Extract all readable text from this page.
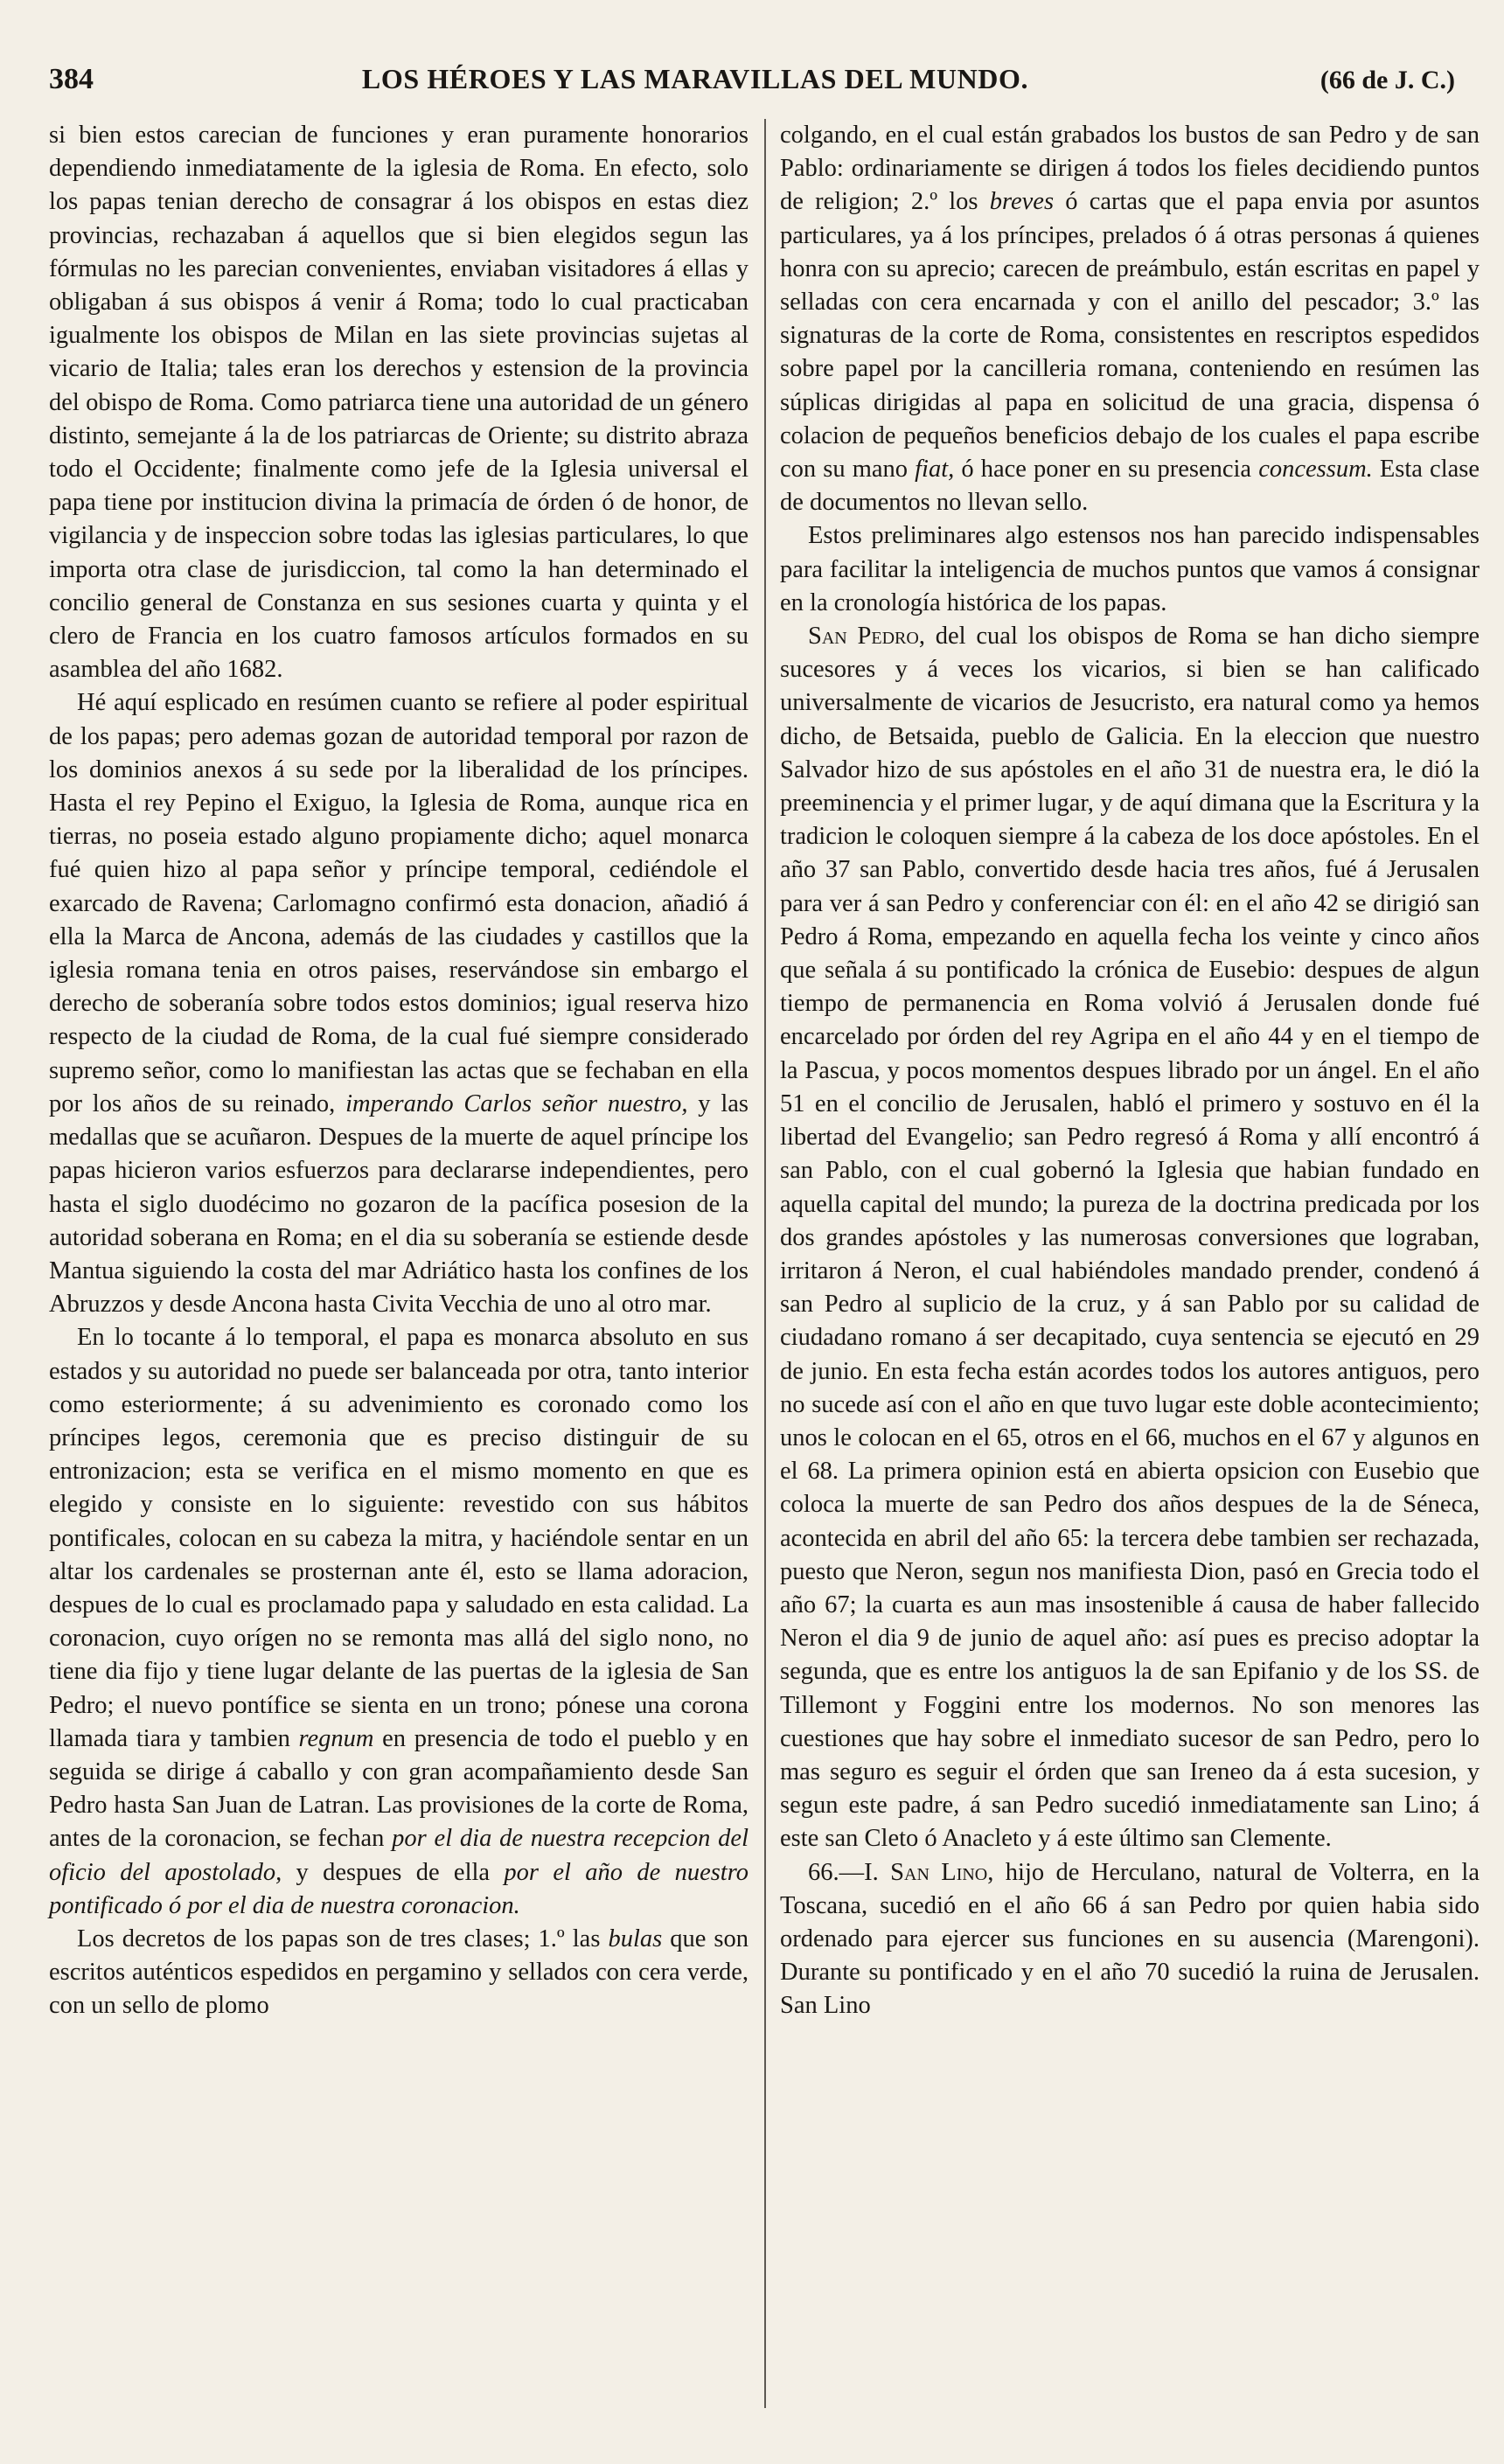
384	LOS HÉROES Y LAS MARAVILLAS DEL MUNDO.	(66 de J. C.)

si bien estos carecian de funciones y eran puramente honorarios dependiendo inmediatamente de la iglesia de Roma. En efecto, solo los papas tenian derecho de consagrar á los obispos en estas diez provincias, rechazaban á aquellos que si bien elegidos segun las fórmulas no les parecian convenientes, enviaban visitadores á ellas y obligaban á sus obispos á venir á Roma; todo lo cual practicaban igualmente los obispos de Milan en las siete provincias sujetas al vicario de Italia; tales eran los derechos y estension de la provincia del obispo de Roma. Como patriarca tiene una autoridad de un género distinto, semejante á la de los patriarcas de Oriente; su distrito abraza todo el Occidente; finalmente como jefe de la Iglesia universal el papa tiene por institucion divina la primacía de órden ó de honor, de vigilancia y de inspeccion sobre todas las iglesias particulares, lo que importa otra clase de jurisdiccion, tal como la han determinado el concilio general de Constanza en sus sesiones cuarta y quinta y el clero de Francia en los cuatro famosos artículos formados en su asamblea del año 1682.

Hé aquí esplicado en resúmen cuanto se refiere al poder espiritual de los papas; pero ademas gozan de autoridad temporal por razon de los dominios anexos á su sede por la liberalidad de los príncipes. Hasta el rey Pepino el Exiguo, la Iglesia de Roma, aunque rica en tierras, no poseia estado alguno propiamente dicho; aquel monarca fué quien hizo al papa señor y príncipe temporal, cediéndole el exarcado de Ravena; Carlomagno confirmó esta donacion, añadió á ella la Marca de Ancona, además de las ciudades y castillos que la iglesia romana tenia en otros paises, reservándose sin embargo el derecho de soberanía sobre todos estos dominios; igual reserva hizo respecto de la ciudad de Roma, de la cual fué siempre considerado supremo señor, como lo manifiestan las actas que se fechaban en ella por los años de su reinado, imperando Carlos señor nuestro, y las medallas que se acuñaron. Despues de la muerte de aquel príncipe los papas hicieron varios esfuerzos para declararse independientes, pero hasta el siglo duodécimo no gozaron de la pacífica posesion de la autoridad soberana en Roma; en el dia su soberanía se estiende desde Mantua siguiendo la costa del mar Adriático hasta los confines de los Abruzzos y desde Ancona hasta Civita Vecchia de uno al otro mar.

En lo tocante á lo temporal, el papa es monarca absoluto en sus estados y su autoridad no puede ser balanceada por otra, tanto interior como esteriormente; á su advenimiento es coronado como los príncipes legos, ceremonia que es preciso distinguir de su entronizacion; esta se verifica en el mismo momento en que es elegido y consiste en lo siguiente: revestido con sus hábitos pontificales, colocan en su cabeza la mitra, y haciéndole sentar en un altar los cardenales se prosternan ante él, esto se llama adoracion, despues de lo cual es proclamado papa y saludado en esta calidad. La coronacion, cuyo orígen no se remonta mas allá del siglo nono, no tiene dia fijo y tiene lugar delante de las puertas de la iglesia de San Pedro; el nuevo pontífice se sienta en un trono; pónese una corona llamada tiara y tambien regnum en presencia de todo el pueblo y en seguida se dirige á caballo y con gran acompañamiento desde San Pedro hasta San Juan de Latran. Las provisiones de la corte de Roma, antes de la coronacion, se fechan por el dia de nuestra recepcion del oficio del apostolado, y despues de ella por el año de nuestro pontificado ó por el dia de nuestra coronacion.

Los decretos de los papas son de tres clases; 1.º las bulas que son escritos auténticos espedidos en pergamino y sellados con cera verde, con un sello de plomo

colgando, en el cual están grabados los bustos de san Pedro y de san Pablo: ordinariamente se dirigen á todos los fieles decidiendo puntos de religion; 2.º los breves ó cartas que el papa envia por asuntos particulares, ya á los príncipes, prelados ó á otras personas á quienes honra con su aprecio; carecen de preámbulo, están escritas en papel y selladas con cera encarnada y con el anillo del pescador; 3.º las signaturas de la corte de Roma, consistentes en rescriptos espedidos sobre papel por la cancilleria romana, conteniendo en resúmen las súplicas dirigidas al papa en solicitud de una gracia, dispensa ó colacion de pequeños beneficios debajo de los cuales el papa escribe con su mano fiat, ó hace poner en su presencia concessum. Esta clase de documentos no llevan sello.

Estos preliminares algo estensos nos han parecido indispensables para facilitar la inteligencia de muchos puntos que vamos á consignar en la cronología histórica de los papas.

San Pedro, del cual los obispos de Roma se han dicho siempre sucesores y á veces los vicarios, si bien se han calificado universalmente de vicarios de Jesucristo, era natural como ya hemos dicho, de Betsaida, pueblo de Galicia. En la eleccion que nuestro Salvador hizo de sus apóstoles en el año 31 de nuestra era, le dió la preeminencia y el primer lugar, y de aquí dimana que la Escritura y la tradicion le coloquen siempre á la cabeza de los doce apóstoles. En el año 37 san Pablo, convertido desde hacia tres años, fué á Jerusalen para ver á san Pedro y conferenciar con él: en el año 42 se dirigió san Pedro á Roma, empezando en aquella fecha los veinte y cinco años que señala á su pontificado la crónica de Eusebio: despues de algun tiempo de permanencia en Roma volvió á Jerusalen donde fué encarcelado por órden del rey Agripa en el año 44 y en el tiempo de la Pascua, y pocos momentos despues librado por un ángel. En el año 51 en el concilio de Jerusalen, habló el primero y sostuvo en él la libertad del Evangelio; san Pedro regresó á Roma y allí encontró á san Pablo, con el cual gobernó la Iglesia que habian fundado en aquella capital del mundo; la pureza de la doctrina predicada por los dos grandes apóstoles y las numerosas conversiones que lograban, irritaron á Neron, el cual habiéndoles mandado prender, condenó á san Pedro al suplicio de la cruz, y á san Pablo por su calidad de ciudadano romano á ser decapitado, cuya sentencia se ejecutó en 29 de junio. En esta fecha están acordes todos los autores antiguos, pero no sucede así con el año en que tuvo lugar este doble acontecimiento; unos le colocan en el 65, otros en el 66, muchos en el 67 y algunos en el 68. La primera opinion está en abierta opsicion con Eusebio que coloca la muerte de san Pedro dos años despues de la de Séneca, acontecida en abril del año 65: la tercera debe tambien ser rechazada, puesto que Neron, segun nos manifiesta Dion, pasó en Grecia todo el año 67; la cuarta es aun mas insostenible á causa de haber fallecido Neron el dia 9 de junio de aquel año: así pues es preciso adoptar la segunda, que es entre los antiguos la de san Epifanio y de los SS. de Tillemont y Foggini entre los modernos. No son menores las cuestiones que hay sobre el inmediato sucesor de san Pedro, pero lo mas seguro es seguir el órden que san Ireneo da á esta sucesion, y segun este padre, á san Pedro sucedió inmediatamente san Lino; á este san Cleto ó Anacleto y á este último san Clemente.

66.—I. San Lino, hijo de Herculano, natural de Volterra, en la Toscana, sucedió en el año 66 á san Pedro por quien habia sido ordenado para ejercer sus funciones en su ausencia (Marengoni). Durante su pontificado y en el año 70 sucedió la ruina de Jerusalen. San Lino
